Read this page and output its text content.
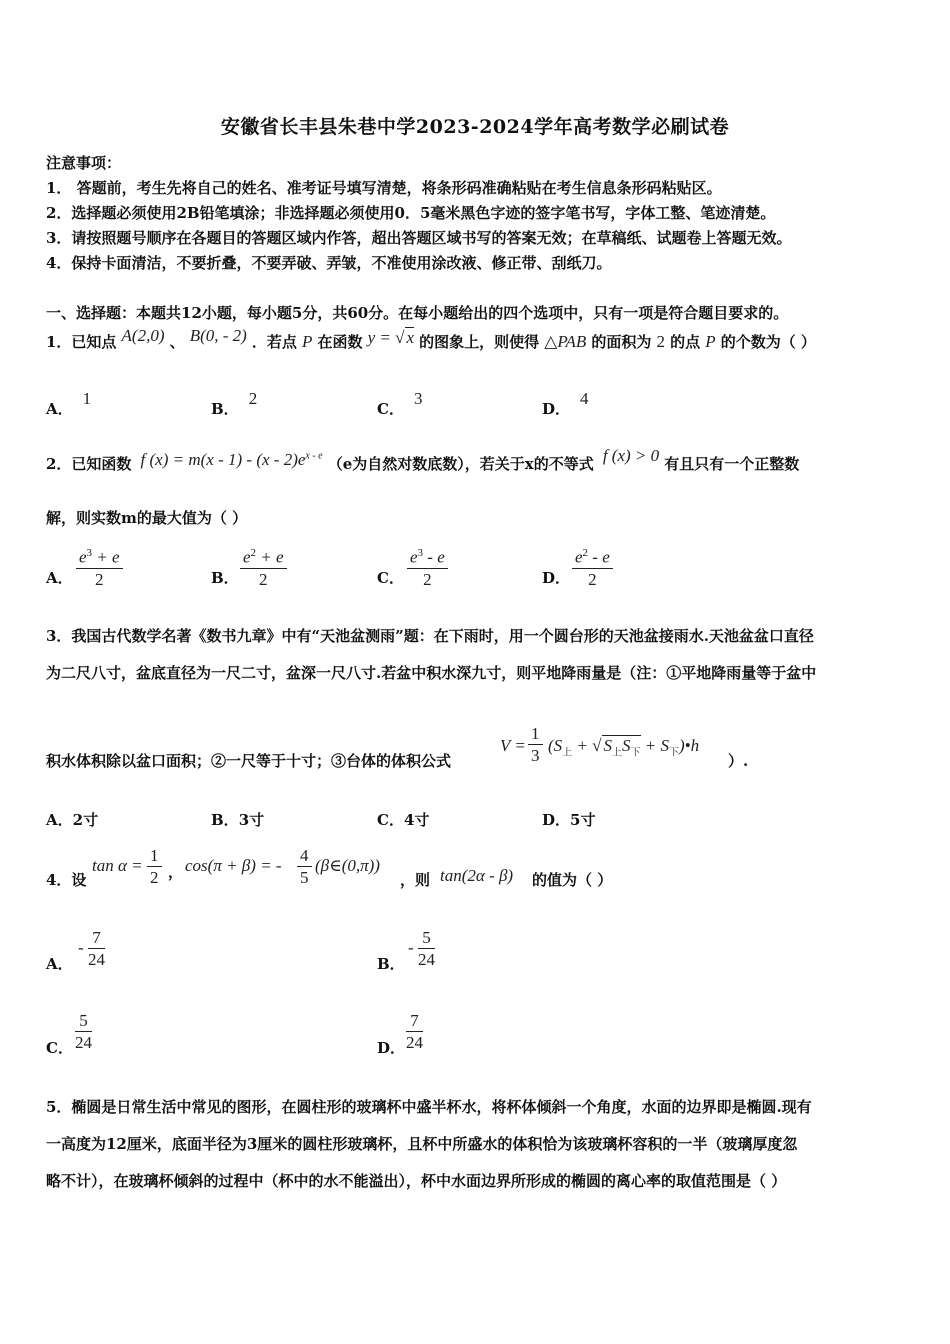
安徽省长丰县朱巷中学2023-2024学年高考数学必刷试卷
注意事项：
1． 答题前，考生先将自己的姓名、准考证号填写清楚，将条形码准确粘贴在考生信息条形码粘贴区。
2．选择题必须使用2B铅笔填涂；非选择题必须使用0．5毫米黑色字迹的签字笔书写，字体工整、笔迹清楚。
3．请按照题号顺序在各题目的答题区域内作答，超出答题区域书写的答案无效；在草稿纸、试题卷上答题无效。
4．保持卡面清洁，不要折叠，不要弄破、弄皱，不准使用涂改液、修正带、刮纸刀。
一、选择题：本题共12小题，每小题5分，共60分。在每小题给出的四个选项中，只有一项是符合题目要求的。
1．已知点 A(2,0) 、 B(0, - 2) ．若点 P 在函数 y = √ x 的图象上，则使得 △PAB 的面积为 2 的点 P 的个数为（ ）
A．1
B．2
C．3
D．4
2．已知函数 f $(x) = m(x - 1) - (x - 2)e^{x - e}$ （e为自然对数底数），若关于x的不等式 f (x) > 0 有且只有一个正整数
解，则实数m的最大值为（ ）
A．
$e^3 + e$
2	B．
$e^2 + e$
2	C．
$e^3$ - e
2	D．
$e^2$ - e
2
3．我国古代数学名著《数书九章》中有“天池盆测雨”题：在下雨时，用一个圆台形的天池盆接雨水.天池盆盆口直径
为二尺八寸，盆底直径为一尺二寸，盆深一尺八寸.若盆中积水深九寸，则平地降雨量是（注：①平地降雨量等于盆中
积水体积除以盆口面积；②一尺等于十寸；③台体的体积公式
V =
1
3
($S_上$ + √ $S_上S_下$ + $S_下)•h$
）.
A．2寸	B．3寸	C．4寸	D．5寸
4．设
tan α =
1
2 ， cos(π + β) = -
4
5
(β∈(0,π))
，则 tan(2α - β) 的值为（ ）
A．
-
7
24	B．
-
5
24
C．
5
24	D．
7
24
5．椭圆是日常生活中常见的图形，在圆柱形的玻璃杯中盛半杯水，将杯体倾斜一个角度，水面的边界即是椭圆.现有
一高度为12厘米，底面半径为3厘米的圆柱形玻璃杯，且杯中所盛水的体积恰为该玻璃杯容积的一半（玻璃厚度忽
略不计），在玻璃杯倾斜的过程中（杯中的水不能溢出），杯中水面边界所形成的椭圆的离心率的取值范围是（ ）
